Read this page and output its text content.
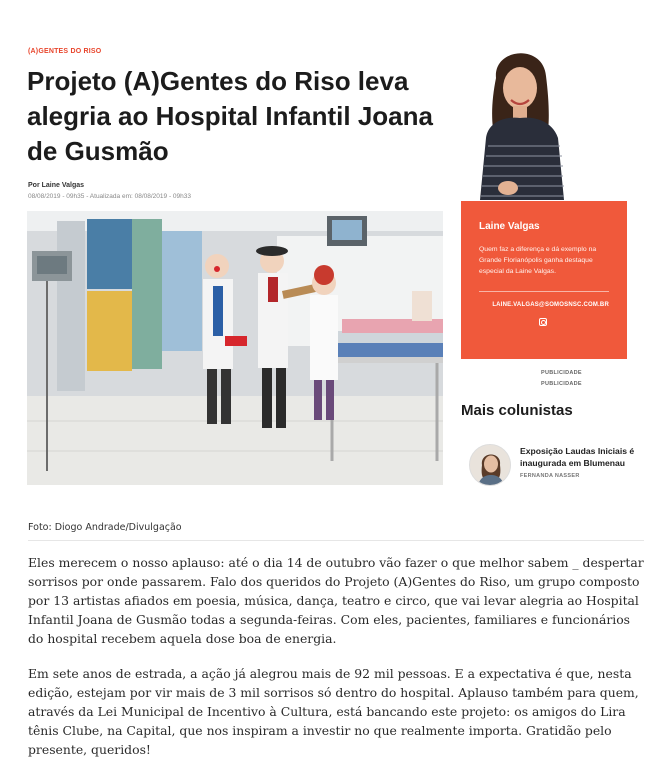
(A)GENTES DO RISO
Projeto (A)Gentes do Riso leva alegria ao Hospital Infantil Joana de Gusmão
Por Laine Valgas
08/08/2019 - 09h35 - Atualizada em: 08/08/2019 - 09h33
Foto: Diogo Andrade/Divulgação

Eles merecem o nosso aplauso: até o dia 14 de outubro vão fazer o que melhor sabem _ despertar sorrisos por onde passarem. Falo dos queridos do Projeto (A)Gentes do Riso, um grupo composto por 13 artistas afiados em poesia, música, dança, teatro e circo, que vai levar alegria ao Hospital Infantil Joana de Gusmão todas a segunda-feiras. Com eles, pacientes, familiares e funcionários do hospital recebem aquela dose boa de energia.

Em sete anos de estrada, a ação já alegrou mais de 92 mil pessoas. E a expectativa é que, nesta edição, estejam por vir mais de 3 mil sorrisos só dentro do hospital. Aplauso também para quem, através da Lei Municipal de Incentivo à Cultura, está bancando este projeto: os amigos do Lira tênis Clube, na Capital, que nos inspiram a investir no que realmente importa. Gratidão pelo presente, queridos!

Laine Valgas
Quem faz a diferença e dá exemplo na Grande Florianópolis ganha destaque especial da Laine Valgas.
LAINE.VALGAS@SOMOSNSC.COM.BR
PUBLICIDADE
PUBLICIDADE
Mais colunistas
Exposição Laudas Iniciais é inaugurada em Blumenau
FERNANDA NASSER
